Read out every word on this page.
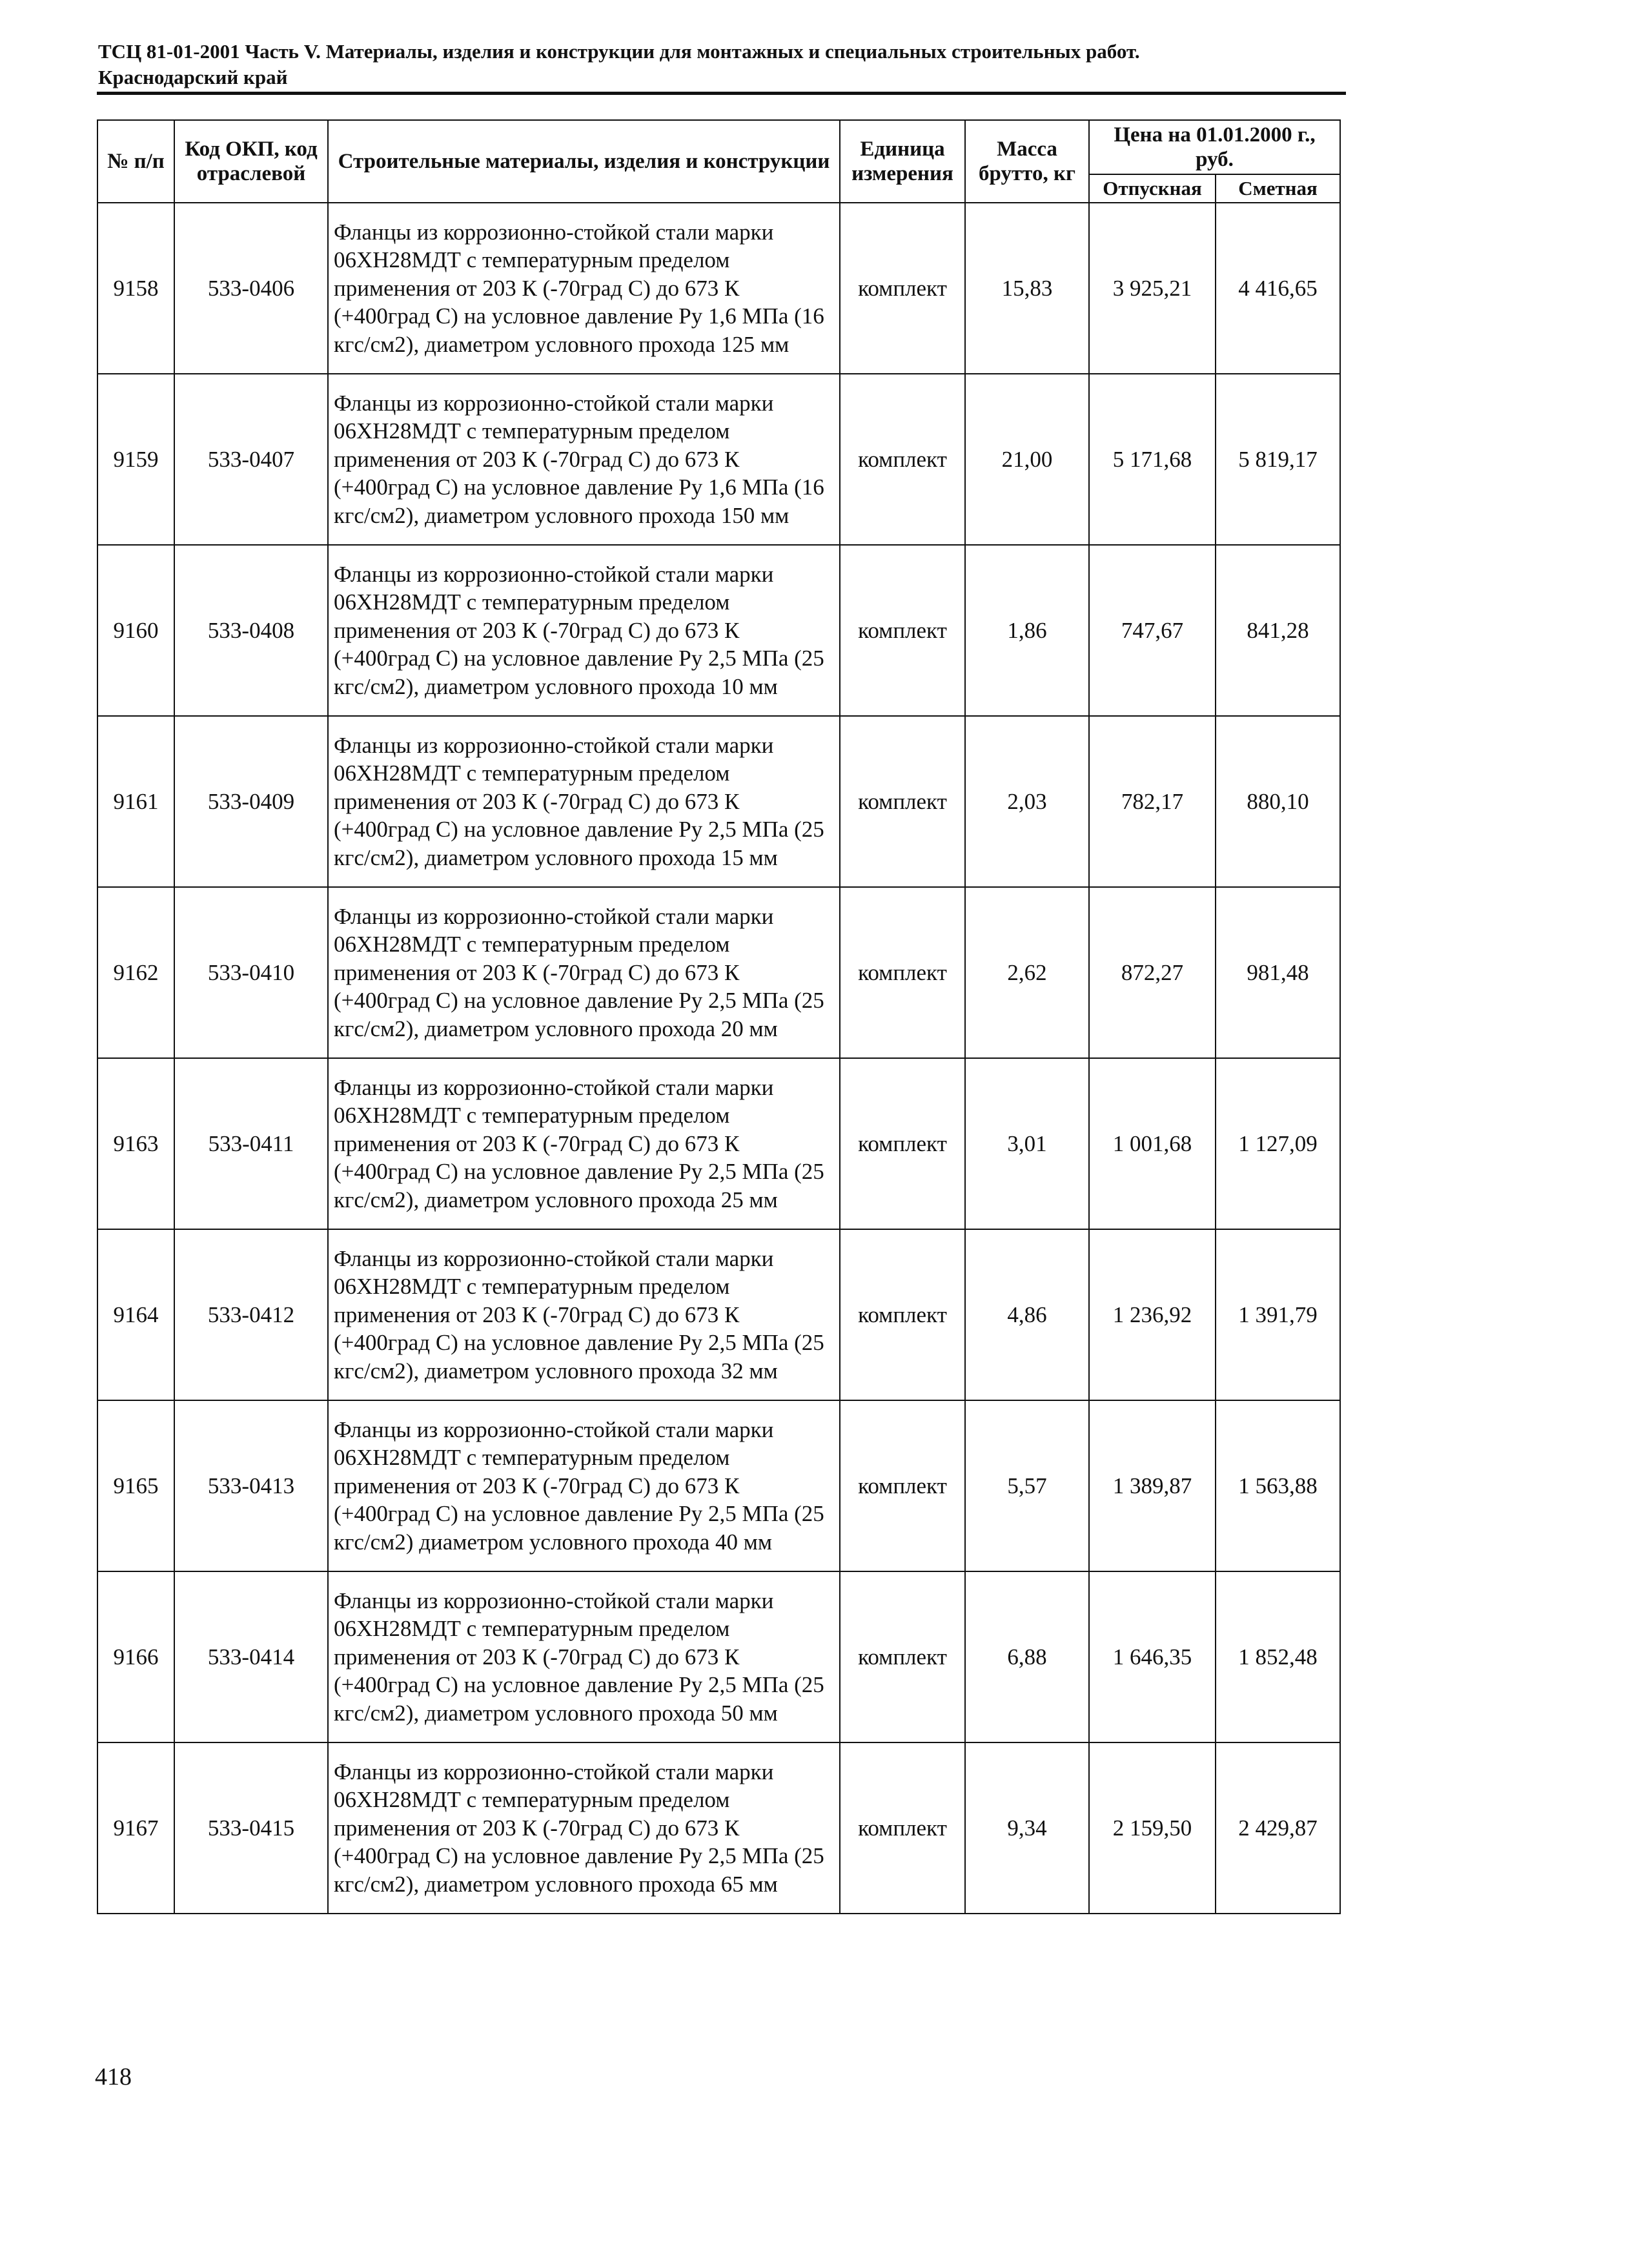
ТСЦ 81-01-2001 Часть V. Материалы, изделия и конструкции для монтажных и специальных строительных работ.
Краснодарский край
№ п/п	Код ОКП, код отраслевой	Строительные материалы, изделия и конструкции	Единица измерения	Масса брутто, кг	Цена на 01.01.2000 г., руб.	
					Отпускная	Сметная
9158	533-0406	Фланцы из коррозионно-стойкой стали марки 06ХН28МДТ с температурным пределом применения от 203 К (-70град С) до 673 К (+400град С) на условное давление Ру 1,6 МПа (16 кгс/см2), диаметром условного прохода 125 мм	комплект	15,83	3 925,21	4 416,65
9159	533-0407	Фланцы из коррозионно-стойкой стали марки 06ХН28МДТ с температурным пределом применения от 203 К (-70град С) до 673 К (+400град С) на условное давление Ру 1,6 МПа (16 кгс/см2), диаметром условного прохода 150 мм	комплект	21,00	5 171,68	5 819,17
9160	533-0408	Фланцы из коррозионно-стойкой стали марки 06ХН28МДТ с температурным пределом применения от 203 К (-70град С) до 673 К (+400град С) на условное давление Ру 2,5 МПа (25 кгс/см2), диаметром условного прохода 10 мм	комплект	1,86	747,67	841,28
9161	533-0409	Фланцы из коррозионно-стойкой стали марки 06ХН28МДТ с температурным пределом применения от 203 К (-70град С) до 673 К (+400град С) на условное давление Ру 2,5 МПа (25 кгс/см2), диаметром условного прохода 15 мм	комплект	2,03	782,17	880,10
9162	533-0410	Фланцы из коррозионно-стойкой стали марки 06ХН28МДТ с температурным пределом применения от 203 К (-70град С) до 673 К (+400град С) на условное давление Ру 2,5 МПа (25 кгс/см2), диаметром условного прохода 20 мм	комплект	2,62	872,27	981,48
9163	533-0411	Фланцы из коррозионно-стойкой стали марки 06ХН28МДТ с температурным пределом применения от 203 К (-70град С) до 673 К (+400град С) на условное давление Ру 2,5 МПа (25 кгс/см2), диаметром условного прохода 25 мм	комплект	3,01	1 001,68	1 127,09
9164	533-0412	Фланцы из коррозионно-стойкой стали марки 06ХН28МДТ с температурным пределом применения от 203 К (-70град С) до 673 К (+400град С) на условное давление Ру 2,5 МПа (25 кгс/см2), диаметром условного прохода 32 мм	комплект	4,86	1 236,92	1 391,79
9165	533-0413	Фланцы из коррозионно-стойкой стали марки 06ХН28МДТ с температурным пределом применения от 203 К (-70град С) до 673 К (+400град С) на условное давление Ру 2,5 МПа (25 кгс/см2) диаметром условного прохода 40 мм	комплект	5,57	1 389,87	1 563,88
9166	533-0414	Фланцы из коррозионно-стойкой стали марки 06ХН28МДТ с температурным пределом применения от 203 К (-70град С) до 673 К (+400град С) на условное давление Ру 2,5 МПа (25 кгс/см2), диаметром условного прохода 50 мм	комплект	6,88	1 646,35	1 852,48
9167	533-0415	Фланцы из коррозионно-стойкой стали марки 06ХН28МДТ с температурным пределом применения от 203 К (-70град С) до 673 К (+400град С) на условное давление Ру 2,5 МПа (25 кгс/см2), диаметром условного прохода 65 мм	комплект	9,34	2 159,50	2 429,87
418
